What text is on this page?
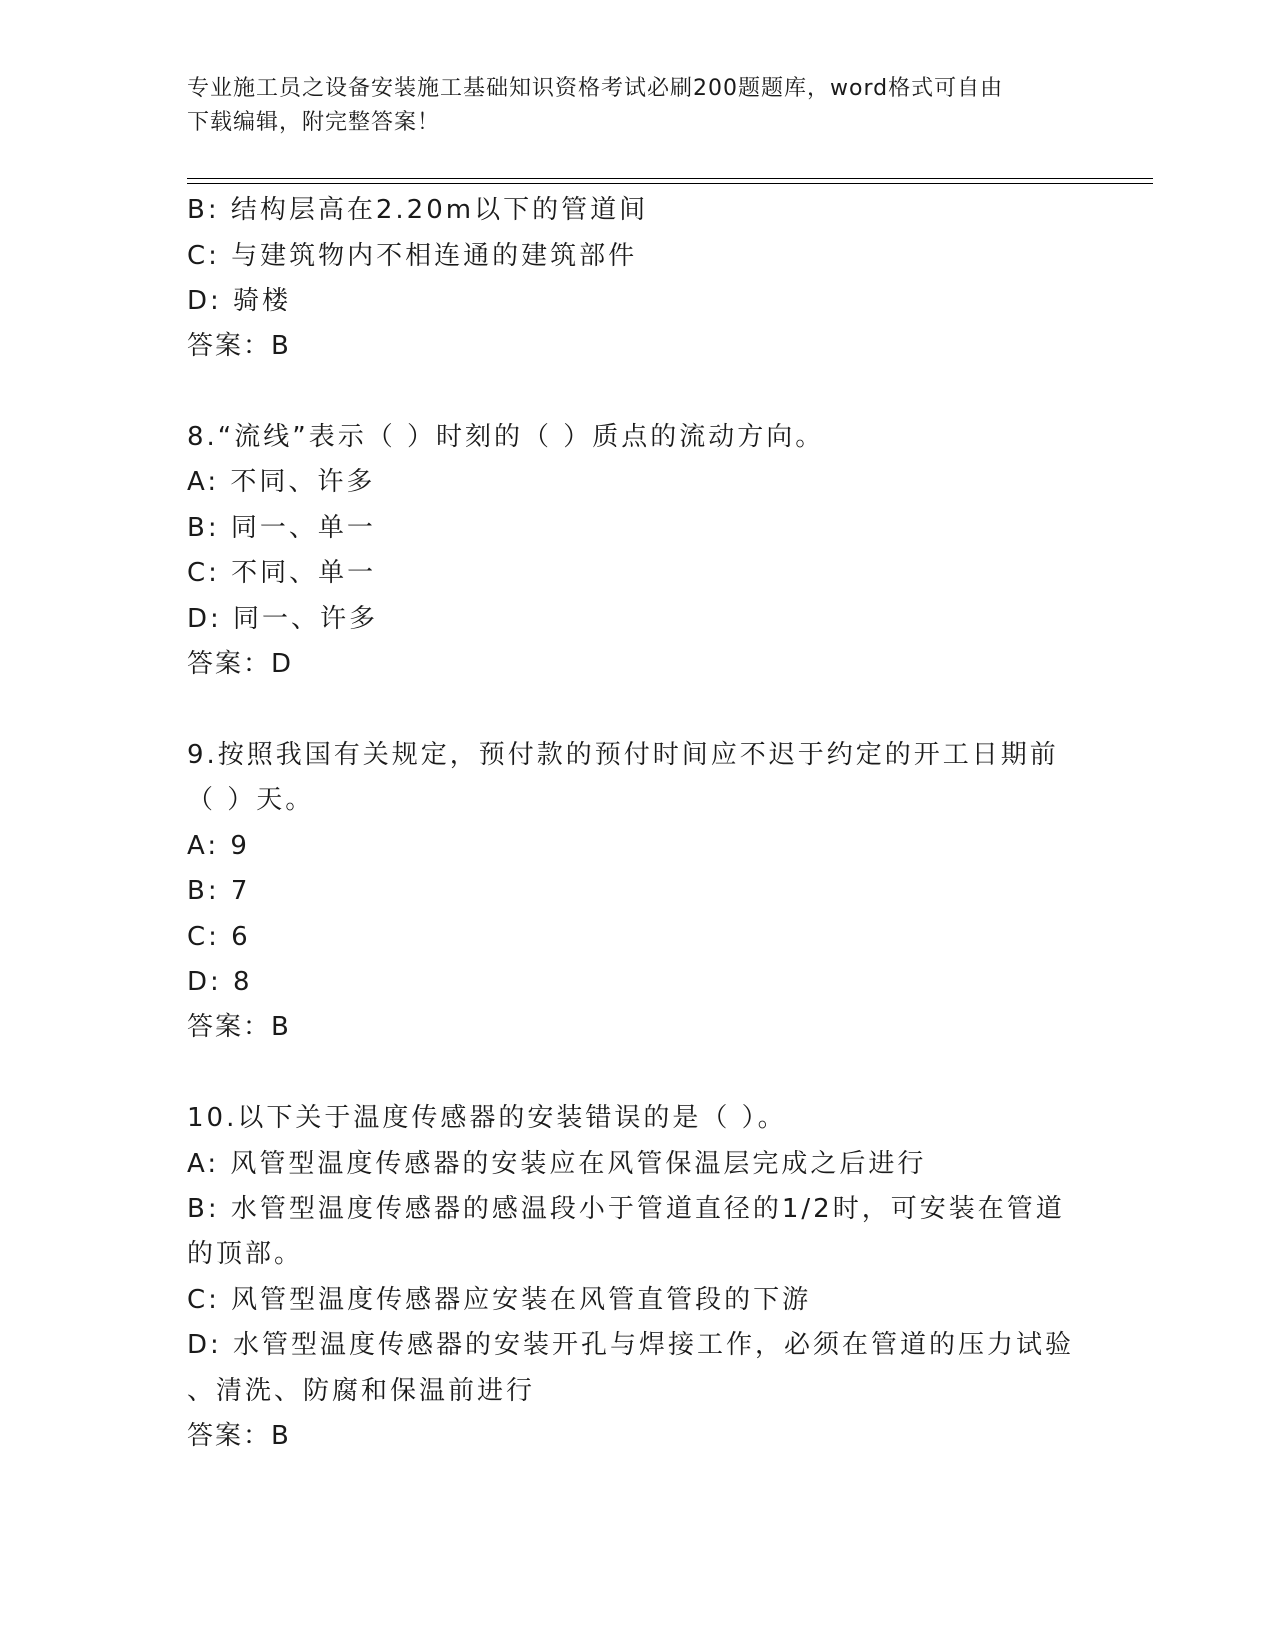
专业施工员之设备安装施工基础知识资格考试必刷200题题库，word格式可自由
下载编辑，附完整答案！
B: 结构层高在2.20m以下的管道间
C: 与建筑物内不相连通的建筑部件
D: 骑楼
答案：B
8.“流线”表示（ ）时刻的（ ）质点的流动方向。
A: 不同、许多
B: 同一、单一
C: 不同、单一
D: 同一、许多
答案：D
9.按照我国有关规定，预付款的预付时间应不迟于约定的开工日期前
（ ）天。
A: 9
B: 7
C: 6
D: 8
答案：B
10.以下关于温度传感器的安装错误的是（ ）。
A: 风管型温度传感器的安装应在风管保温层完成之后进行
B: 水管型温度传感器的感温段小于管道直径的1/2时，可安装在管道
的顶部。
C: 风管型温度传感器应安装在风管直管段的下游
D: 水管型温度传感器的安装开孔与焊接工作，必须在管道的压力试验
、清洗、防腐和保温前进行
答案：B
